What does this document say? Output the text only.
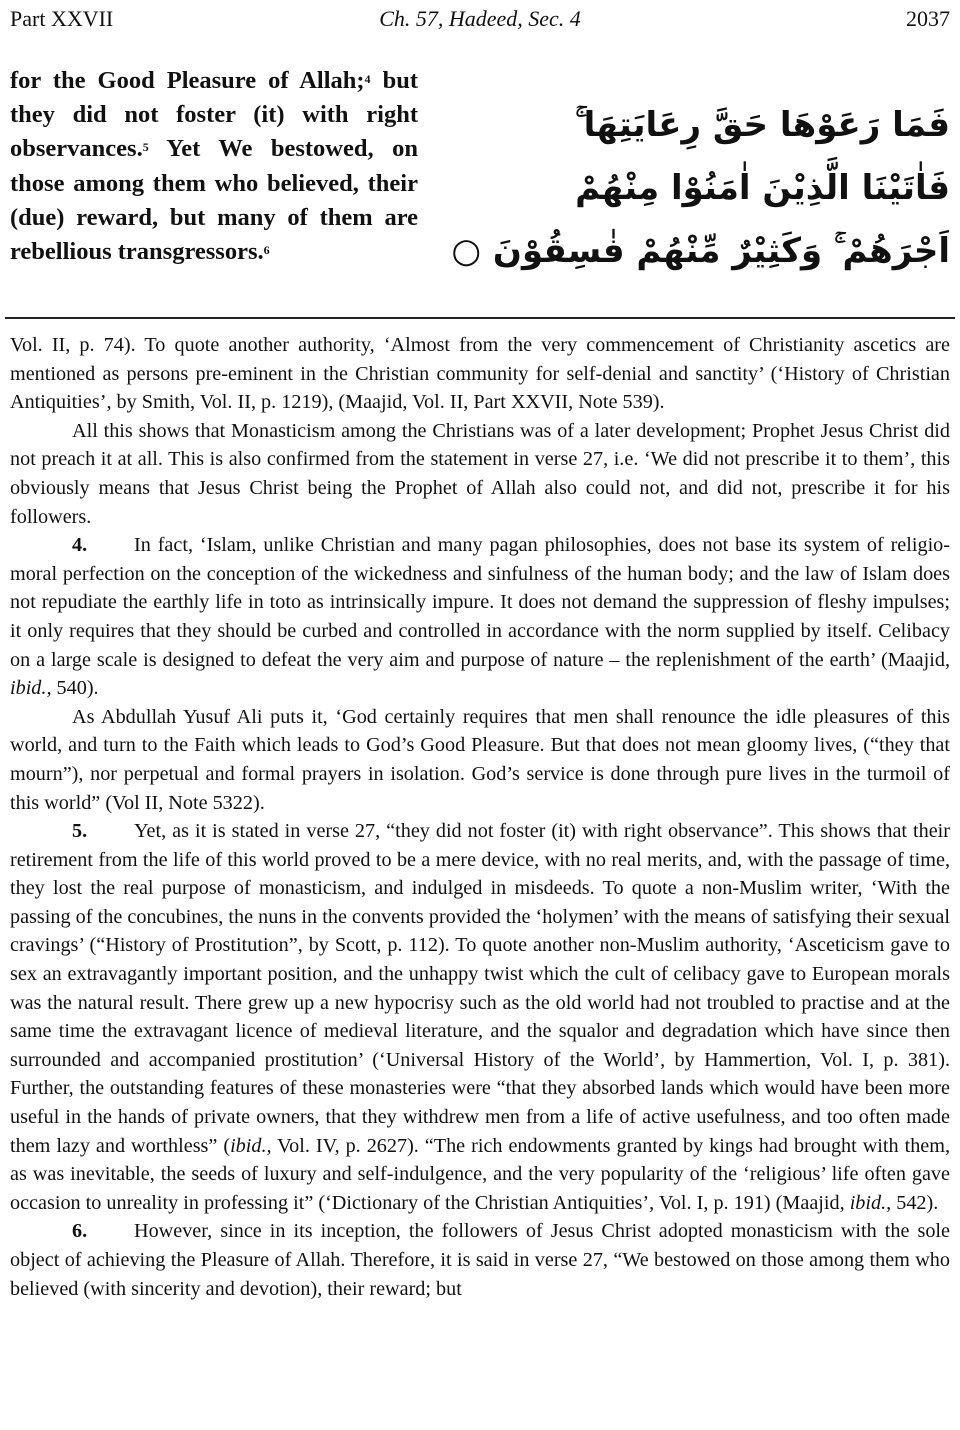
Part XXVII	Ch. 57, Hadeed, Sec. 4	2037
for the Good Pleasure of Allah;$^4$ but they did not foster (it) with right observances.$^5$ Yet We bestowed, on those among them who believed, their (due) reward, but many of them are rebellious transgressors.$^6$
فَمَا رَعَوْهَا حَقَّ رِعَايَتِهَا ۚ
فَاٰتَيْنَا الَّذِيْنَ اٰمَنُوْا مِنْهُمْ
اَجْرَهُمْ ۚ وَكَثِيْرٌ مِّنْهُمْ فٰسِقُوْنَ ○

Vol. II, p. 74). To quote another authority, ‘Almost from the very commencement of Christianity ascetics are mentioned as persons pre-eminent in the Christian community for self-denial and sanctity’ (‘History of Christian Antiquities’, by Smith, Vol. II, p. 1219), (Maajid, Vol. II, Part XXVII, Note 539).

All this shows that Monasticism among the Christians was of a later development; Prophet Jesus Christ did not preach it at all. This is also confirmed from the statement in verse 27, i.e. ‘We did not prescribe it to them’, this obviously means that Jesus Christ being the Prophet of Allah also could not, and did not, prescribe it for his followers.

4. In fact, ‘Islam, unlike Christian and many pagan philosophies, does not base its system of religio-moral perfection on the conception of the wickedness and sinfulness of the human body; and the law of Islam does not repudiate the earthly life in toto as intrinsically impure. It does not demand the suppression of fleshy impulses; it only requires that they should be curbed and controlled in accordance with the norm supplied by itself. Celibacy on a large scale is designed to defeat the very aim and purpose of nature – the replenishment of the earth’ (Maajid, ibid., 540).

As Abdullah Yusuf Ali puts it, ‘God certainly requires that men shall renounce the idle pleasures of this world, and turn to the Faith which leads to God’s Good Pleasure. But that does not mean gloomy lives, (“they that mourn”), nor perpetual and formal prayers in isolation. God’s service is done through pure lives in the turmoil of this world” (Vol II, Note 5322).

5. Yet, as it is stated in verse 27, “they did not foster (it) with right observance”. This shows that their retirement from the life of this world proved to be a mere device, with no real merits, and, with the passage of time, they lost the real purpose of monasticism, and indulged in misdeeds. To quote a non-Muslim writer, ‘With the passing of the concubines, the nuns in the convents provided the ‘holymen’ with the means of satisfying their sexual cravings’ (“History of Prostitution”, by Scott, p. 112). To quote another non-Muslim authority, ‘Asceticism gave to sex an extravagantly important position, and the unhappy twist which the cult of celibacy gave to European morals was the natural result. There grew up a new hypocrisy such as the old world had not troubled to practise and at the same time the extravagant licence of medieval literature, and the squalor and degradation which have since then surrounded and accompanied prostitution’ (‘Universal History of the World’, by Hammertion, Vol. I, p. 381). Further, the outstanding features of these monasteries were “that they absorbed lands which would have been more useful in the hands of private owners, that they withdrew men from a life of active usefulness, and too often made them lazy and worthless” (ibid., Vol. IV, p. 2627). “The rich endowments granted by kings had brought with them, as was inevitable, the seeds of luxury and self-indulgence, and the very popularity of the ‘religious’ life often gave occasion to unreality in professing it” (‘Dictionary of the Christian Antiquities’, Vol. I, p. 191) (Maajid, ibid., 542).

6. However, since in its inception, the followers of Jesus Christ adopted monasticism with the sole object of achieving the Pleasure of Allah. Therefore, it is said in verse 27, “We bestowed on those among them who believed (with sincerity and devotion), their reward; but
